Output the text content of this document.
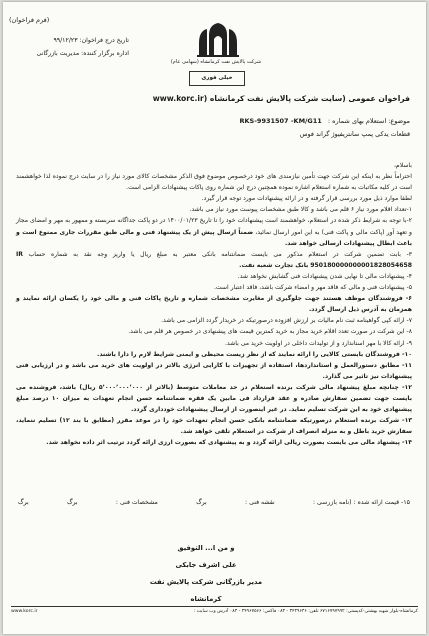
(فرم فراخوان)
تاریخ درج فراخوان: ۹۹/۱۲/۲۳
اداره برگزار کننده: مدیریت بازرگانی
شرکت پالایش نفت کرمانشاه (سهامی عام)
خیلی فوری
فراخوان عمومی (سایت شرکت پالایش نفت کرمانشاه (www.korc.ir
موضوع: استعلام بهای شماره : RKS-9931507 -KM/G11
قطعات یدکی پمپ سانتریفیوژ گراند فوس

باسلام،

احتراماً نظر به اینکه این شرکت جهت تأمین نیازمندی های خود درخصوص موضوع فوق الذکر مشخصات کالای مورد نیاز را در سایت درج نموده لذا خواهشمند است در کلیه مکاتبات به شماره استعلام اشاره نموده همچنین درج این شماره روی پاکات پیشنهادات الزامی است.

لطفا موارد ذیل مورد بررسی قرار گرفته و در ارائه پیشنهادات مورد توجه قرار گیرد.

۱-تعداد اقلام مورد نیاز ۶ قلم می باشد و کالا طبق مشخصات پیوست مورد نیاز می باشد.

۲-با توجه به شرایط ذکر شده در استعلام، خواهشمند است پیشنهادات خود را تا تاریخ ۱۴۰۰/۰۱/۲۳ در دو پاکت جداگانه سربسته و ممهور به مهر و امضای مجاز و تعهد آور (پاکت مالی و پاکت فنی) به این امور ارسال نمائید، ضمناً ارسال پیش از یک پیشنهاد فنی و مالی طبق مقررات جاری ممنوع است و باعث ابطال پیشنهادات ارسالی خواهد شد.

۳- بابت تضمین شرکت در استعلام مذکور می بایست ضمانتنامه بانکی معتبر به مبلغ ریال یا واریز وجه نقد به شماره حساب IR 950180000000001828054658 بانک تجارت شعبه نفت.

۴- پیشنهادات مالی تا نهایی شدن پیشنهادات فنی گشایش نخواهد شد.

۵- پیشنهادات فنی و مالی که فاقد مهر و امضاء شرکت باشد، فاقد اعتبار است.

۶- فروشندگان موظف هستند جهت جلوگیری از مغایرت مشخصات شماره و تاریخ پاکات فنی و مالی خود را یکسان ارائه نمایند و همزمان به آدرس ذیل ارسال گردد.

۷- ارائه کپی گواهینامه ثبت نام مالیات بر ارزش افزوده درصورتیکه در خریدار گردد الزامی می باشد.

۸- این شرکت در صورت تعدد اقلام خرید مجاز به خرید کمترین قیمت های پیشنهادی در خصوص هر قلم می باشد.

۹- ارائه کالا با مهر استاندارد و از تولیدات داخلی در اولویت خرید می باشد.

۱۰- فروشندگان بایستی کالایی را ارائه نمایند که از نظر زیست محیطی و ایمنی شرایط لازم را دارا باشند.

۱۱- مطابق دستورالعمل و استانداردها، استفاده از تجهیزات با کارایی انرژی بالاتر در اولویت های خرید می باشد و در ارزیابی فنی پیشنهادات نیز تاثیر می گذارد.

۱۲- چنانچه مبلغ پیشنهاد مالی شرکت برنده استعلام در حد معاملات متوسط (بالاتر از ۵٬۰۰۰٬۰۰۰٬۰۰۰ ریال) باشد، فروشنده می بایست جهت تضمین سفارش صادره و عقد قرارداد فی مابین یک فقره ضمانتنامه حسن انجام تعهدات به میزان ۱۰ درصد مبلغ پیشنهادی خود به این شرکت تسلیم نماید. در غیر اینصورت از ارسال پیشنهادات خودداری گردد.

۱۳- شرکت برنده استعلام درصورتیکه ضمانتنامه بانکی حسن انجام تعهدات خود را در موعد مقرر (مطابق با بند ۱۲) تسلیم ننماید، سفارش خرید باطل و به منزله انصراف از شرکت در استعلام تلقی خواهد شد.

۱۴- پیشنهاد مالی می بایست بصورت ریالی ارائه گردد و به پیشنهادی که بصورت ارزی ارائه گردد ترتیب اثر داده نخواهد شد.

۱۵- قیمت ارائه شده : (نامه بازرسی :
نقشه فنی :
برگ
مشخصات فنی :
برگ
برگ
و من ا... التوفیق
علی اشرف جابکی
مدیر بازرگانی شرکت پالایش نفت کرمانشاه
کرمانشاه-بلوار شهید بهشتی-کدپستی: ۶۷۱۶۷۹۷۹۹۲ تلفن: ۳۴۳۹۶۳۶ - ۰۸۳ فاکس: ۳۴۹۶۷۵۶۶ - ۰۸۳ آدرس وب سایت :
www.korc.ir
